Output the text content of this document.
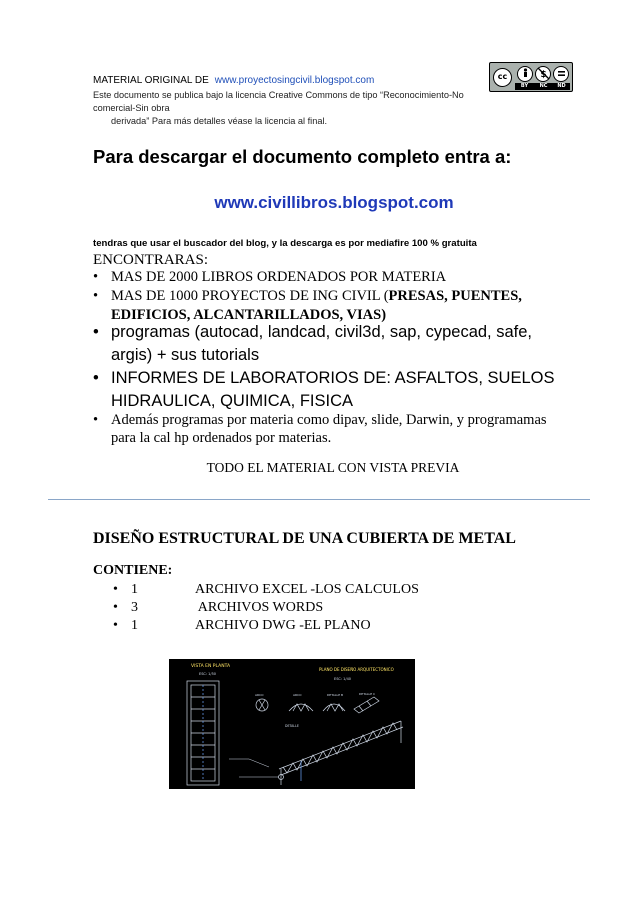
MATERIAL ORIGINAL DE www.proyectosingcivil.blogspot.com
Este documento se publica bajo la licencia Creative Commons de tipo “Reconocimiento-No comercial-Sin obra
derivada” Para más detalles véase la licencia al final.
cc	$
BY	NC	ND
Para descargar el documento completo entra a:
www.civillibros.blogspot.com
tendras que usar el buscador del blog, y la descarga es por mediafire 100 % gratuita
ENCONTRARAS:
• MAS DE 2000 LIBROS ORDENADOS POR MATERIA
• MAS DE 1000 PROYECTOS DE ING CIVIL (PRESAS, PUENTES, EDIFICIOS, ALCANTARILLADOS, VIAS)
• programas (autocad, landcad, civil3d, sap, cypecad, safe, argis) + sus tutorials
• INFORMES DE LABORATORIOS DE: ASFALTOS, SUELOS HIDRAULICA, QUIMICA, FISICA
• Además programas por materia como dipav, slide, Darwin, y programamas para la cal hp ordenados por materias.
TODO EL MATERIAL CON VISTA PREVIA
DISEÑO ESTRUCTURAL DE UNA CUBIERTA DE METAL
CONTIENE:
• 1	ARCHIVO EXCEL -LOS CALCULOS
• 3	ARCHIVOS WORDS
• 1	ARCHIVO DWG -EL PLANO
VISTA EN PLANTA
ESC: 1/50
PLANO DE DISEÑO ARQUITECTONICO
ESC: 1/40
ARCO	ARCO	DETALLE B	DETALLE C
DETALLE
